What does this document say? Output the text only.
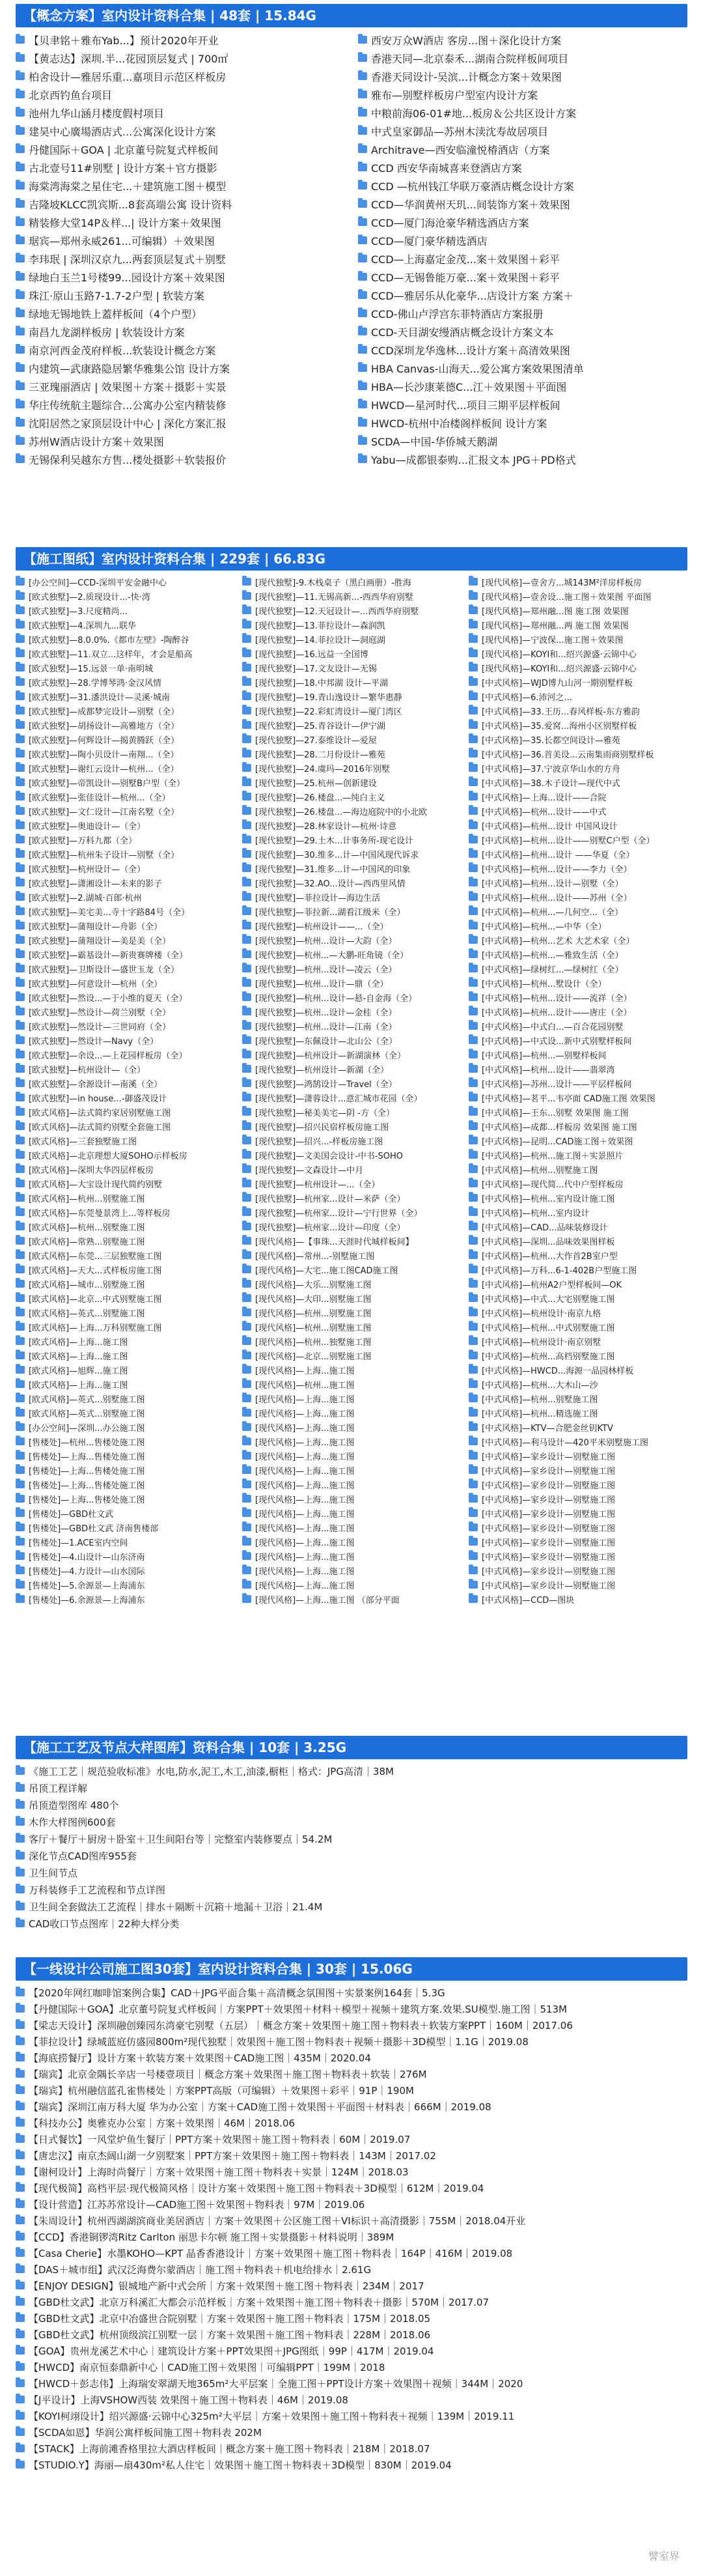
【概念方案】室内设计资料合集 | 48套 | 15.84G
【贝聿铭＋雅布Yab...】预计2020年开业	西安万众W酒店 客房...图＋深化设计方案
【黄志达】深圳.半...花园顶层复式 | 700㎡	香港天同—北京泰禾...湖南合院样板间项目
柏舍设计—雅居乐重...嘉项目示范区样板房	香港天同设计-吴滨...计概念方案＋效果图
北京西钓鱼台项目	雅布—别墅样板房户型室内设计方案
池州九华山涵月楼度假村项目	中粮前海06-01#地...板房＆公共区设计方案
建昊中心廣場酒店式...公寓深化设计方案	中式皇家御品—苏州木渎沈寿故居项目
丹健国际＋GOA | 北京董号院复式样板间	Architrave—西安临潼悦椿酒店（方案
古北壹号11#别墅 | 设计方案＋官方摄影	CCD 西安华南城喜来登酒店方案
海棠湾海棠之星住宅...＋建筑施工图＋模型	CCD —杭州钱江华联万豪酒店概念设计方案
吉隆坡KLCC凯宾斯...8套高端公寓 设计资料	CCD—华润黄州天玑...间装饰方案＋效果图
精装修大堂14P＆样...| 设计方案＋效果图	CCD—厦门海沧豪华精选酒店方案
琚宾—郑州永威261...可编辑）＋效果图	CCD—厦门豪华精选酒店
李玮珉 | 深圳汉京九...两套顶层复式＋别墅	CCD—上海嘉定金茂...案＋效果图＋彩平
绿地白玉兰1号楼99...园设计方案＋效果图	CCD—无锡鲁能万豪...案＋效果图＋彩平
珠江·原山玉路7-1.7-2户型 | 软装方案	CCD—雅居乐从化豪华...店设计方案 方案＋
绿地无锡地铁上蓋样板间（4个户型）	CCD-佛山卢浮宫东菲特酒店方案报册
南昌九龙湖样板房 | 软装设计方案	CCD-天目湖安缦酒店概念设计方案文本
南京河西金茂府样板...软装设计概念方案	CCD深圳龙华逸林...设计方案＋高清效果图
内建筑—武康路隐居繁华雅集公馆 设计方案	HBA Canvas-山海天...爱公寓方案效果图清单
三亚瑰丽酒店 | 效果图＋方案＋摄影＋实景	HBA—长沙康莱德C...江＋效果图＋平面图
华庄传统航主题综合...公寓办公室内精装修	HWCD—星河时代...项目三期平层样板间
沈阳居然之家顶层设计中心 | 深化方案汇报	HWCD-杭州中冶楼阁样板间 设计方案
苏州W酒店设计方案＋效果图	SCDA—中国-华侨城天鹅湖
无锡保利吴越东方售...楼处摄影＋软装报价	Yabu—成都银泰购...汇报文本 JPG＋PD格式
【施工图纸】室内设计资料合集 | 229套 | 66.83G
[办公空间]—CCD-深圳平安金融中心	[现代独墅]-9.木栈桌子（黑白画册）-胜海	[现代风格]—壹舍方...城143M²洋房样板房
[欧式独墅]—2.质现设计...-快·湾	[现代独墅]—11.无锡高新...-西西华府别墅	[现代风格]—壹舍设...施工图＋效果图 平面图
[欧式独墅]—3.尺度精尚...	[现代独墅]—12.天冠设计—...西西华府别墅	[现代风格]—郑州融...图 施工图 效果图
[欧式独墅]—4.深圳九...联华	[现代独墅]—13.菲拉设计—森润凯	[现代风格]—郑州融...两 施工图 效果图
[欧式独墅]—8.0.0%.《都市左壁》-陶醉谷	[现代独墅]—14.菲拉设计—洞庭湖	[现代风格]—宁波保...施工图＋效果图
[欧式独墅]—11.双立...这样年，才会是船高	[现代独墅]—16.远益一全国博	[现代风格]—KOYI和...绍兴源盛·云锦中心
[欧式独墅]—15.远景一单·南明城	[现代独墅]—17.文友设计—无锡	[现代风格]—KOYI和...绍兴源盛·云锦中心
[欧式独墅]—28.学博琴鸿·金汉风情	[现代独墅]—18.中邦湖 设计—平湖	[中式风格]—WJD博九山河一期别墅样板
[欧式独墅]—31.潘洪设计—灵溪·城南	[现代独墅]—19.青山逸设计—繁华惠静	[中式风格]—6.沛河之...
[欧式独墅]—成都梦完设计—别墅（全）	[现代独墅]—22.彩虹湾设计—厦门湾区	[中式风格]—33.王历...春风样板-东方雅韵
[欧式独墅]—胡扬设计—高雅地方（全）	[现代独墅]—25.青谷设计—伊宁湖	[中式风格]—35.爱窝...海州小区别墅样板
[欧式独墅]—何辉设计—揭黄腾跃（全）	[现代独墅]—27.泰维设计—爱屋	[中式风格]—35.长都空间设计—雅苑
[欧式独墅]—陶小贝设计—南翔...（全）	[现代独墅]—28.二月份设计—雅苑	[中式风格]—36.首美设...云南集雨商别墅样板
[欧式独墅]—谢红云设计—杭州...（全）	[现代独墅]—24.虞玛—2016年别墅	[中式风格]—37.宁波京华山水的方舟
[欧式独墅]—帝凯设计—别墅B户型（全）	[现代独墅]—25.杭州—创新建设	[中式风格]—38.木子设计—现代中式
[欧式独墅]—张佳设计—杭州...（全）	[现代独墅]—26.楼盘...—纯白主义	[中式风格]—上海...设计——合院
[欧式独墅]—文仁设计—江南名墅（全）	[现代独墅]—26.楼盘...—海边庭院中的小北欧	[中式风格]—杭州...设计——中式
[欧式独墅]—奥迪设计—（全）	[现代独墅]—28.林家设计—杭州·诗意	[中式风格]—杭州...设计 中国风设计
[欧式独墅]—万科九都（全）	[现代独墅]—29.土木...计事务所-现宅设计	[中式风格]—杭州...设计——别墅C户型（全）
[欧式独墅]—杭州朱子设计—别墅（全）	[现代独墅]—30.维多...计—中国风现代诉求	[中式风格]—杭州...设计 ——华夏（全）
[欧式独墅]—杭州设计—（全）	[现代独墅]—31.维多...计—中国风的印象	[中式风格]—杭州...设计——李力（全）
[欧式独墅]—潇湘设计—未来的影子	[现代独墅]—32.AO...设计—西西里风情	[中式风格]—杭州...设计—别墅（全）
[欧式独墅]—2.湖城·百郎·杭州	[现代独墅]—菲拉设计—海边生活	[中式风格]—杭州...设计——苏州（全）
[欧式独墅]—美宅美...寺十字路84号（全）	[现代独墅]—菲拉新...湖看江级米（全）	[中式风格]—杭州...—几何空...（全）
[欧式独墅]—蒲翔设计—舟影（全）	[现代独墅]—杭州设计——...（全）	[中式风格]—杭州...—中华（全）
[欧式独墅]—蒲翔设计—美是美（全）	[现代独墅]—杭州...设计—大韵（全）	[中式风格]—杭州...艺术 大艺术家（全）
[欧式独墅]—霸基设计—新贵赛牌楼（全）	[现代独墅]—杭州...—大鹏-旺角镜（全）	[中式风格]—杭州...—雅致生活（全）
[欧式独墅]—卫斯设计—盛世玉龙（全）	[现代独墅]—杭州...设计—凌云（全）	[中式风格]—绿树红...—绿树红（全）
[欧式独墅]—何意设计—杭州（全）	[现代独墅]—杭州...设计—鼎（全）	[中式风格]—杭州...墅设计（全）
[欧式独墅]—然设...—于小维的夏天（全）	[现代独墅]—杭州...设计—悬-自金海（全）	[中式风格]—杭州...设计——流祥（全）
[欧式独墅]—然设计—荷兰别墅（全）	[现代独墅]—杭州...设计—金桂（全）	[中式风格]—杭州...设计——唐庄（全）
[欧式独墅]—然设计—三世同府（全）	[现代独墅]—杭州...设计—江南（全）	[中式风格]—中式白...—百合花园别墅
[欧式独墅]—然设计—Navy（全）	[现代独墅]—东佩设计—北山公（全）	[中式风格]—中式设...新中式别墅样板间
[欧式独墅]—余设...—上花园样板房（全）	[现代独墅]—杭州设计—新湖演林（全）	[中式风格]—杭州...—别墅样板间
[欧式独墅]—杭州设计—（全）	[现代独墅]—杭州设计—新湖（全）	[中式风格]—杭州...设计——翡翠湾
[欧式独墅]—余源设计—南溪（全）	[现代独墅]—鸿鹄设计—Travel（全）	[中式风格]—苏州...设计——平层样板间
[欧式独墅]—in house...-御盛茂设计	[现代独墅]—潇蓉设计...意汇城市花园（全）	[中式风格]—茗平...韦亭面 CAD施工图 效果图
[欧式风格]—法式简约家居别墅施工图	[现代独墅]—秘美美宅—阴 -方（全）	[中式风格]—王东...别墅 效果图 施工图
[欧式风格]—法式简约别墅全套施工图	[现代独墅]—招兴民宿样板房施工图	[中式风格]—成都...样板房 效果图 施工图
[欧式风格]—三套独墅施工图	[现代独墅]—招兴...-样板房施工图	[中式风格]—昆明...CAD施工图＋效果图
[欧式风格]—北京理想大厦SOHO示样板房	[现代独墅]—文美国会设计-中书-SOHO	[中式风格]—杭州...施工图＋实景照片
[欧式风格]—深圳大华四层样板房	[现代独墅]—文森设计—中月	[中式风格]—杭州...别墅施工图
[欧式风格]—大宝设计现代简约别墅	[现代独墅]—杭州设计—...（全）	[中式风格]—现代简...代中户型样板房
[欧式风格]—杭州...别墅施工图	[现代独墅]—杭州家...设计—米萨（全）	[中式风格]—杭州...室内设计施工图
[欧式风格]—东莞曼景湾上...等样板房	[现代独墅]—杭州家...设计—宁行世界（全）	[中式风格]—杭州...室内设计
[欧式风格]—杭州...别墅施工图	[现代独墅]—杭州家...设计—印度（全）	[中式风格]—CAD...品味装修设计
[欧式风格]—常熟...别墅施工图	[现代风格]—【事珠...天涯时代城样板间】	[中式风格]—深圳...品味效果图样板
[欧式风格]—东莞...三层独墅施工图	[现代风格]—常州...-别墅施工图	[中式风格]—杭州...大作首2B室户型
[欧式风格]—天大...式样板房施工图	[现代风格]—大宅...施工图CAD施工图	[中式风格]—万科...6-1-402B户型施工图
[欧式风格]—城市...别墅施工图	[现代风格]—大乐...别墅施工图	[中式风格]—杭州A2户型样板间—OK
[欧式风格]—北京...中式别墅施工图	[现代风格]—大印...别墅施工图	[中式风格]—中式...大宅别墅施工图
[欧式风格]—英式...别墅施工图	[现代风格]—杭州...别墅施工图	[中式风格]—杭州设计·南京九格
[欧式风格]—上海...万科别墅施工图	[现代风格]—杭州...别墅施工图	[中式风格]—杭州...中式别墅施工图
[欧式风格]—上海...施工图	[现代风格]—杭州...独墅施工图	[中式风格]—杭州设计·南京别墅
[欧式风格]—上海...施工图	[现代风格]—北京...别墅施工图	[中式风格]—杭州...高档别墅施工图
[欧式风格]—旭辉...施工图	[现代风格]—上海...施工图	[中式风格]—HWCD...海源一品园林样板
[欧式风格]—上海...施工图	[现代风格]—杭州...施工图	[中式风格]—杭州...大木山—沙
[欧式风格]—英式...别墅施工图	[现代风格]—上海...施工图	[中式风格]—杭州...别墅施工图
[欧式风格]—英式...别墅施工图	[现代风格]—上海...施工图	[中式风格]—杭州...精选施工图
[办公空间]—深圳...办公施工图	[现代风格]—上海...施工图	[中式风格]—KTV—合肥金丝钥KTV
[售楼处]—杭州...售楼处施工图	[现代风格]—上海...施工图	[中式风格]—利马设计—420平米别墅施工图
[售楼处]—上海...售楼处施工图	[现代风格]—上海...施工图	[中式风格]—家乡设计—别墅施工图
[售楼处]—上海...售楼处施工图	[现代风格]—上海...施工图	[中式风格]—家乡设计—别墅施工图
[售楼处]—上海...售楼处施工图	[现代风格]—上海...施工图	[中式风格]—家乡设计—别墅施工图
[售楼处]—上海...售楼处施工图	[现代风格]—上海...施工图	[中式风格]—家乡设计—别墅施工图
[售楼处]—GBD杜文武	[现代风格]—上海...施工图	[中式风格]—家乡设计—别墅施工图
[售楼处]—GBD杜文武 济南售楼部	[现代风格]—上海...施工图	[中式风格]—家乡设计—别墅施工图
[售楼处]—1.ACE室内空间	[现代风格]—上海...施工图	[中式风格]—家乡设计—别墅施工图
[售楼处]—4.山设计—山东济南	[现代风格]—上海...施工图	[中式风格]—家乡设计—别墅施工图
[售楼处]—4.力设计—山水国际	[现代风格]—上海...施工图	[中式风格]—家乡设计—别墅施工图
[售楼处]—5.余源景—上海浦东	[现代风格]—上海...施工图	[中式风格]—家乡设计—别墅施工图
[售楼处]—6.余源景—上海浦东	[现代风格]—上海...施工图 （部分平面	[中式风格]—CCD—图块
【施工工艺及节点大样图库】资料合集 | 10套 | 3.25G
《施工工艺｜规范验收标准》水电,防水,泥工,木工,油漆,橱柜｜格式：JPG高清｜38M
吊顶工程详解
吊顶造型图库 480个
木作大样图例600套
客厅＋餐厅＋厨房＋卧室＋卫生间阳台等｜完整室内装修要点｜54.2M
深化节点CAD图库955套
卫生间节点
万科装修手工艺流程和节点详图
卫生间全套做法工艺流程｜排水＋隔断＋沉箱＋地漏＋卫浴｜21.4M
CAD收口节点图库｜22种大样分类
【一线设计公司施工图30套】室内设计资料合集 | 30套 | 15.06G
【2020年网红咖啡馆案例合集】CAD＋JPG平面合集＋高清概念氛围图＋实景案例164套｜5.3G
【丹健国际＋GOA】北京董号院复式样板间｜方案PPT＋效果图＋材料＋模型＋视频＋建筑方案.效果.SU模型.施工图｜513M
【梁志天设计】深圳融创臻园东湾豪宅别墅（五层）｜概念方案＋效果图＋施工图＋物料表＋软装方案PPT｜160M｜2017.06
【菲拉设计】绿城蓝庭仿盛园800m²现代独墅｜效果图＋施工图＋物料表＋视频＋摄影＋3D模型｜1.1G｜2019.08
【海底捞餐厅】设计方案＋软装方案＋效果图＋CAD施工图｜435M｜2020.04
【瑞宾】北京金隅长辛店一号楼壹项目｜概念方案＋效果图＋施工图＋物料表＋软装｜276M
【瑞宾】杭州融信蓝孔雀售楼处｜方案PPT高版（可编辑）＋效果图＋彩平｜91P｜190M
【瑞宾】深圳江南万科大厦 华为办公室｜方案＋CAD施工图＋效果图＋平面图＋材料表｜666M｜2019.08
【科技办公】奥雅克办公室｜方案＋效果图｜46M｜2018.06
【日式餐饮】一风堂炉鱼生餐厅｜PPT方案＋效果图＋施工图＋物料表｜60M｜2019.07
【唐忠汉】南京杰阔山湖一夕别墅案｜PPT方案＋效果图＋施工图＋物料表｜143M｜2017.02
【谢柯设计】上海时尚餐厅｜方案＋效果图＋施工图＋物料表＋实景｜124M｜2018.03
【现代极简】高档平层·现代极简风格｜设计方案＋效果图＋施工图＋物料表＋3D模型｜612M｜2019.04
【设计营造】江苏苏常设计—CAD施工图＋效果图＋物料表｜97M｜2019.06
【朱周设计】杭州西湖湖滨商业美居酒店｜方案＋效果图＋公区施工图＋VI标识＋高清摄影｜755M｜2018.04开业
【CCD】香港铜锣湾Ritz Carlton 丽思卡尔顿 施工图＋实景摄影＋材料说明｜389M
【Casa Cherie】水墨KOHO—KPT 晶香香港设计｜方案＋效果图＋施工图＋物料表｜164P｜416M｜2019.08
【DAS＋城市组】武汉泛海费尔蒙酒店｜施工图＋物料表＋机电给排水｜2.61G
【ENJOY DESIGN】银城地产新中式会所｜方案＋效果图＋施工图＋物料表｜234M｜2017
【GBD杜文武】北京万科溪汇大都会示范样板｜方案＋效果图＋施工图＋物料表＋摄影｜570M｜2017.07
【GBD杜文武】北京中冶盛世合院别墅｜方案＋效果图＋施工图＋物料表｜175M｜2018.05
【GBD杜文武】杭州顶级滨江别墅一层｜方案＋效果图＋施工图＋物料表｜228M｜2018.06
【GOA】贵州龙溪艺术中心｜建筑设计方案＋PPT效果图＋JPG图纸｜99P｜417M｜2019.04
【HWCD】南京恒泰鼎新中心｜CAD施工图＋效果图｜可编辑PPT｜199M｜2018
【HWCD＋彭志伟】上海瑞安翠湖天地365m²大平层案｜全施工图＋PPT设计方案＋效果图＋视频｜344M｜2020
【J平设计】上海VSHOW西装 效果图＋施工图＋物料表｜46M｜2019.08
【KOYI柯翊设计】绍兴源盛·云锦中心325m²大平层｜方案＋效果图＋施工图＋物料表＋视频｜139M｜2019.11
【SCDA如恩】华润公寓样板间施工图＋物料表 202M
【STACK】上海前滩香格里拉大酒店样板间｜概念方案＋施工图＋物料表｜218M｜2018.07
【STUDIO.Y】海丽—扇430m²私人住宅｜效果图＋施工图＋物料表＋3D模型｜830M｜2019.04
譬室界
